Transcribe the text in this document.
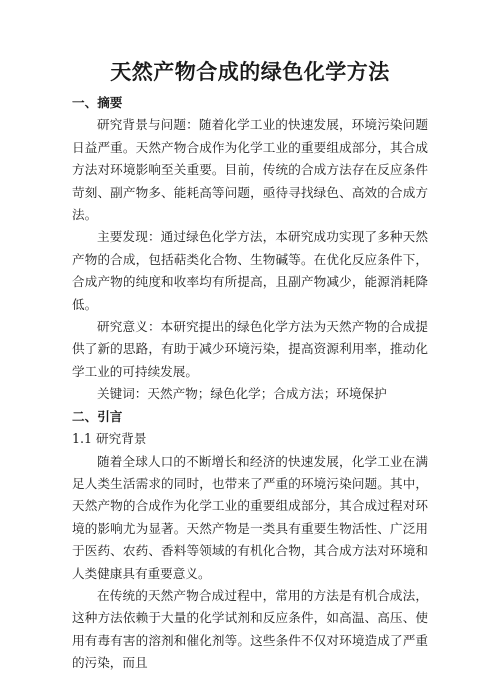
天然产物合成的绿色化学方法

一、摘要

研究背景与问题：随着化学工业的快速发展，环境污染问题日益严重。天然产物合成作为化学工业的重要组成部分，其合成方法对环境影响至关重要。目前，传统的合成方法存在反应条件苛刻、副产物多、能耗高等问题，亟待寻找绿色、高效的合成方法。

主要发现：通过绿色化学方法，本研究成功实现了多种天然产物的合成，包括萜类化合物、生物碱等。在优化反应条件下，合成产物的纯度和收率均有所提高，且副产物减少，能源消耗降低。

研究意义：本研究提出的绿色化学方法为天然产物的合成提供了新的思路，有助于减少环境污染，提高资源利用率，推动化学工业的可持续发展。

关键词：天然产物；绿色化学；合成方法；环境保护

二、引言

1.1 研究背景

随着全球人口的不断增长和经济的快速发展，化学工业在满足人类生活需求的同时，也带来了严重的环境污染问题。其中，天然产物的合成作为化学工业的重要组成部分，其合成过程对环境的影响尤为显著。天然产物是一类具有重要生物活性、广泛用于医药、农药、香料等领域的有机化合物，其合成方法对环境和人类健康具有重要意义。

在传统的天然产物合成过程中，常用的方法是有机合成法，这种方法依赖于大量的化学试剂和反应条件，如高温、高压、使用有毒有害的溶剂和催化剂等。这些条件不仅对环境造成了严重的污染，而且
